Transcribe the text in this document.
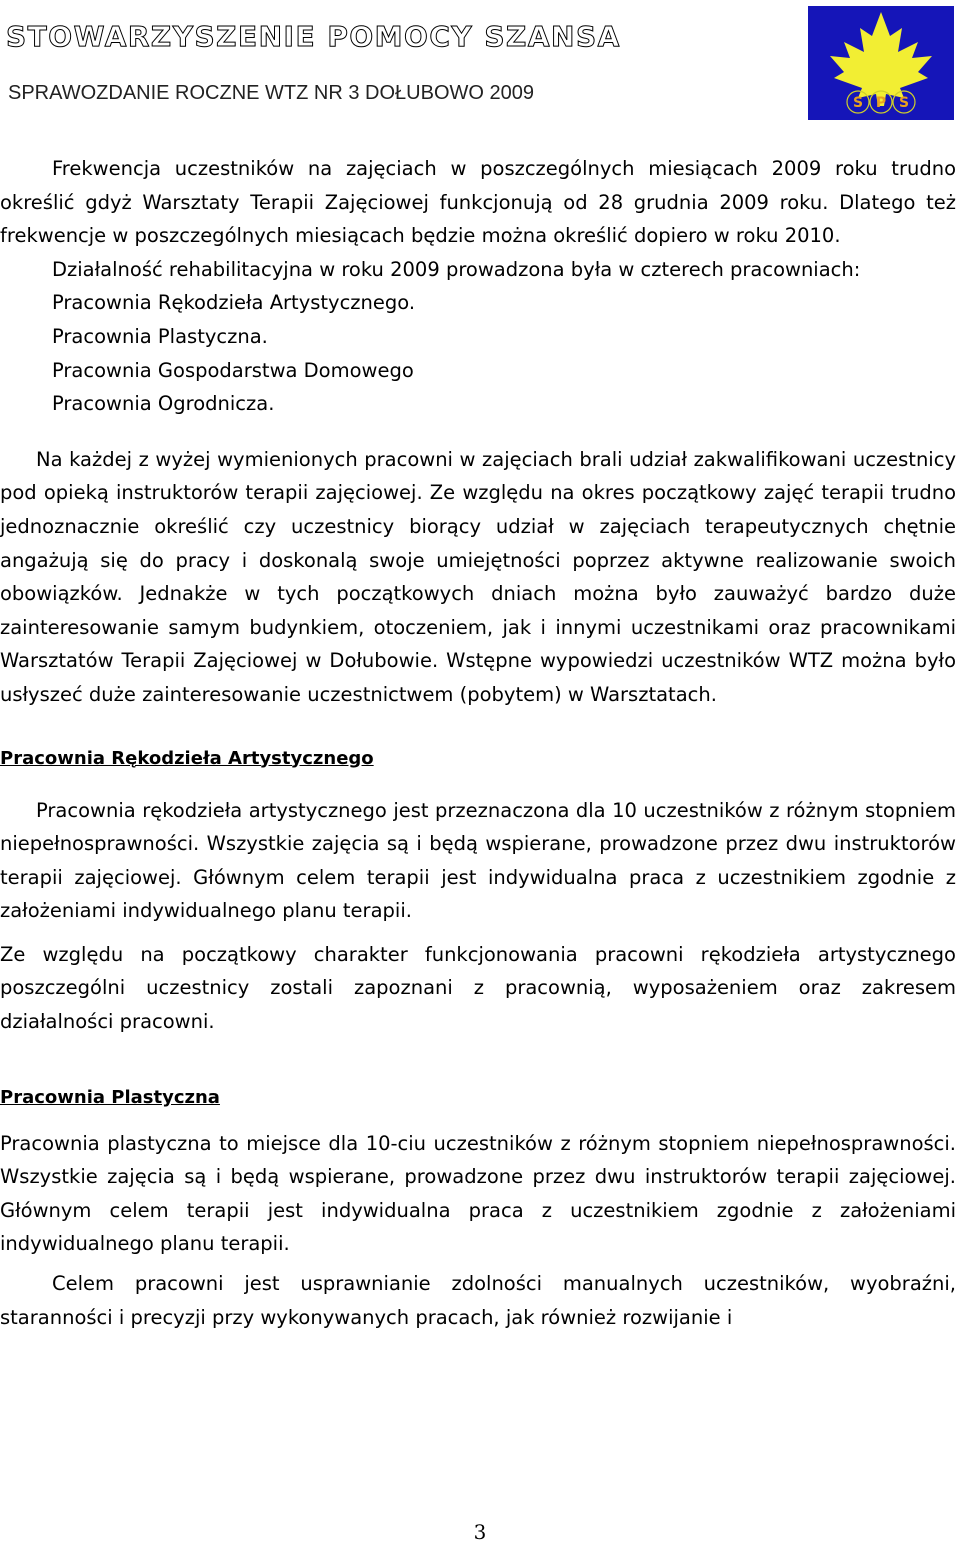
STOWARZYSZENIE POMOCY SZANSA
SPRAWOZDANIE ROCZNE WTZ NR 3 DOŁUBOWO 2009	S P S

Frekwencja uczestników na zajęciach w poszczególnych miesiącach 2009 roku trudno określić gdyż Warsztaty Terapii Zajęciowej funkcjonują od 28 grudnia 2009 roku. Dlatego też frekwencje w poszczególnych miesiącach będzie można określić dopiero w roku 2010.

Działalność rehabilitacyjna w roku 2009 prowadzona była w czterech pracowniach:

Pracownia Rękodzieła Artystycznego.
Pracownia Plastyczna.
Pracownia Gospodarstwa Domowego
Pracownia Ogrodnicza.

Na każdej z wyżej wymienionych pracowni w zajęciach brali udział zakwalifikowani uczestnicy pod opieką instruktorów terapii zajęciowej. Ze względu na okres początkowy zajęć terapii trudno jednoznacznie określić czy uczestnicy biorący udział w zajęciach terapeutycznych chętnie angażują się do pracy i doskonalą swoje umiejętności poprzez aktywne realizowanie swoich obowiązków. Jednakże w tych początkowych dniach można było zauważyć bardzo duże zainteresowanie samym budynkiem, otoczeniem, jak i innymi uczestnikami oraz pracownikami Warsztatów Terapii Zajęciowej w Dołubowie. Wstępne wypowiedzi uczestników WTZ można było usłyszeć duże zainteresowanie uczestnictwem (pobytem) w Warsztatach.

Pracownia Rękodzieła Artystycznego

Pracownia rękodzieła artystycznego jest przeznaczona dla 10 uczestników z różnym stopniem niepełnosprawności. Wszystkie zajęcia są i będą wspierane, prowadzone przez dwu instruktorów terapii zajęciowej. Głównym celem terapii jest indywidualna praca z uczestnikiem zgodnie z założeniami indywidualnego planu terapii.

Ze względu na początkowy charakter funkcjonowania pracowni rękodzieła artystycznego poszczególni uczestnicy zostali zapoznani z pracownią, wyposażeniem oraz zakresem działalności pracowni.

Pracownia Plastyczna

Pracownia plastyczna to miejsce dla 10-ciu uczestników z różnym stopniem niepełnosprawności. Wszystkie zajęcia są i będą wspierane, prowadzone przez dwu instruktorów terapii zajęciowej. Głównym celem terapii jest indywidualna praca z uczestnikiem zgodnie z założeniami indywidualnego planu terapii.

Celem pracowni jest usprawnianie zdolności manualnych uczestników, wyobraźni, staranności i precyzji przy wykonywanych pracach, jak również rozwijanie i

3
